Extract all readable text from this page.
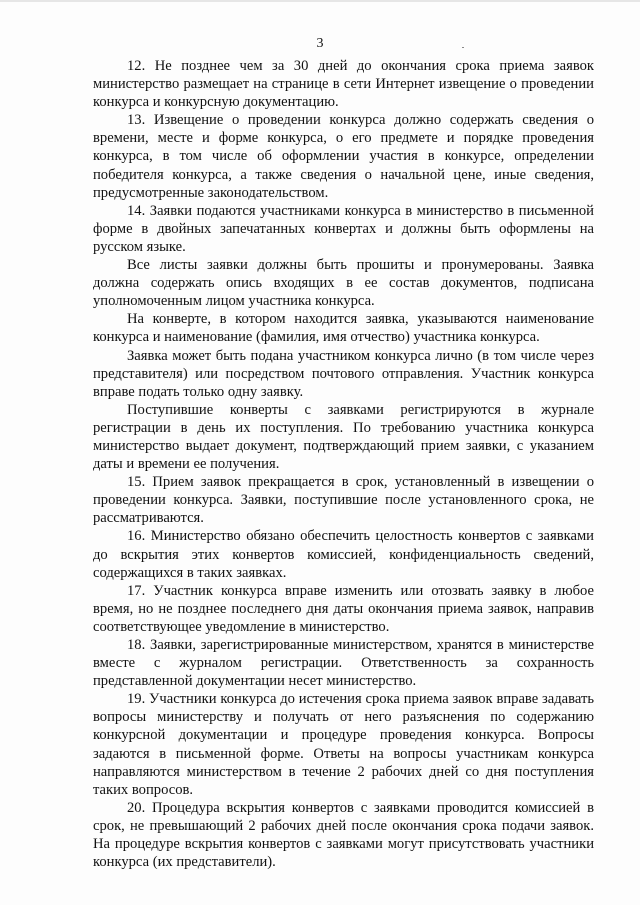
3

12. Не позднее чем за 30 дней до окончания срока приема заявок министерство размещает на странице в сети Интернет извещение о проведении конкурса и конкурсную документацию.

13. Извещение о проведении конкурса должно содержать сведения о времени, месте и форме конкурса, о его предмете и порядке проведения конкурса, в том числе об оформлении участия в конкурсе, определении победителя конкурса, а также сведения о начальной цене, иные сведения, предусмотренные законодательством.

14. Заявки подаются участниками конкурса в министерство в письменной форме в двойных запечатанных конвертах и должны быть оформлены на русском языке.

Все листы заявки должны быть прошиты и пронумерованы. Заявка должна содержать опись входящих в ее состав документов, подписана уполномоченным лицом участника конкурса.

На конверте, в котором находится заявка, указываются наименование конкурса и наименование (фамилия, имя отчество) участника конкурса.

Заявка может быть подана участником конкурса лично (в том числе через представителя) или посредством почтового отправления. Участник конкурса вправе подать только одну заявку.

Поступившие конверты с заявками регистрируются в журнале регистрации в день их поступления. По требованию участника конкурса министерство выдает документ, подтверждающий прием заявки, с указанием даты и времени ее получения.

15. Прием заявок прекращается в срок, установленный в извещении о проведении конкурса. Заявки, поступившие после установленного срока, не рассматриваются.

16. Министерство обязано обеспечить целостность конвертов с заявками до вскрытия этих конвертов комиссией, конфиденциальность сведений, содержащихся в таких заявках.

17. Участник конкурса вправе изменить или отозвать заявку в любое время, но не позднее последнего дня даты окончания приема заявок, направив соответствующее уведомление в министерство.

18. Заявки, зарегистрированные министерством, хранятся в министерстве вместе с журналом регистрации. Ответственность за сохранность представленной документации несет министерство.

19. Участники конкурса до истечения срока приема заявок вправе задавать вопросы министерству и получать от него разъяснения по содержанию конкурсной документации и процедуре проведения конкурса. Вопросы задаются в письменной форме. Ответы на вопросы участникам конкурса направляются министерством в течение 2 рабочих дней со дня поступления таких вопросов.

20. Процедура вскрытия конвертов с заявками проводится комиссией в срок, не превышающий 2 рабочих дней после окончания срока подачи заявок. На процедуре вскрытия конвертов с заявками могут присутствовать участники конкурса (их представители).
